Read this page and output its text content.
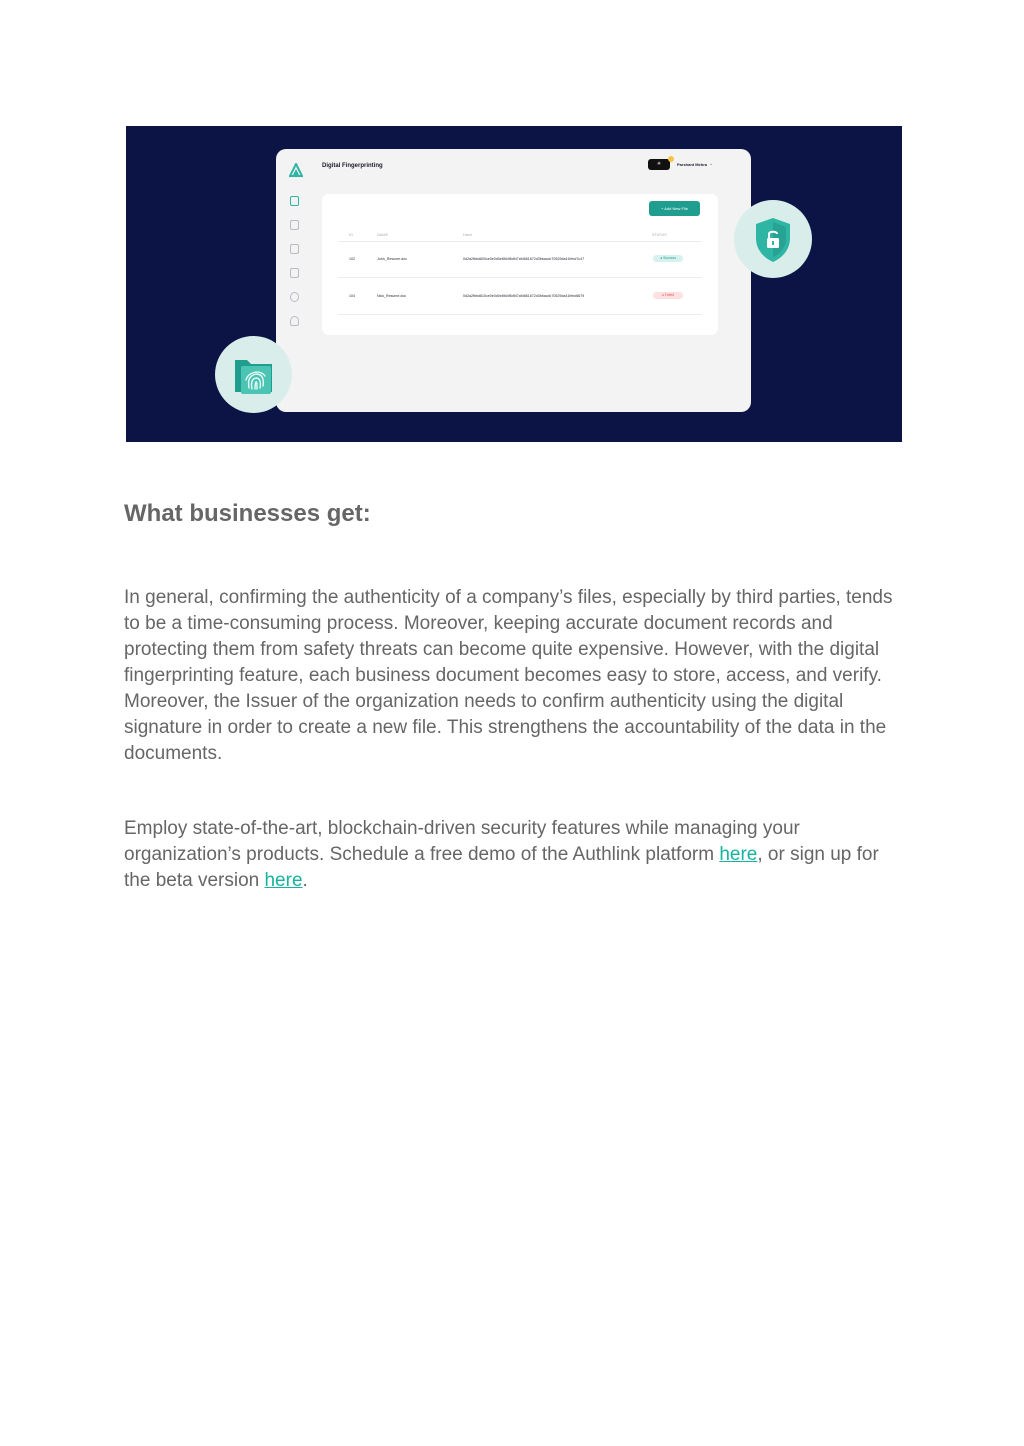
Digital Fingerprinting	☀	Parshant Mehra ⌄
+ Add New File
ID	NAME	Hash	STATUS
102	John_Resume.doc	0d2a2fbbd800ce0e0d0e8fd4f6df47af4661672d3bbacdc70529da41febd7c47	● Success
104	Nick_Resume.doc	0d2a2fbbd810ce0e0d0e8fd4f6df47af4661672d3bbacdc70529da41febd6679	● Failed
What businesses get:

In general, confirming the authenticity of a company’s files, especially by third parties, tends to be a time-consuming process. Moreover, keeping accurate document records and protecting them from safety threats can become quite expensive. However, with the digital fingerprinting feature, each business document becomes easy to store, access, and verify. Moreover, the Issuer of the organization needs to confirm authenticity using the digital signature in order to create a new file. This strengthens the accountability of the data in the documents.

Employ state-of-the-art, blockchain-driven security features while managing your organization’s products. Schedule a free demo of the Authlink platform here, or sign up for the beta version here.
